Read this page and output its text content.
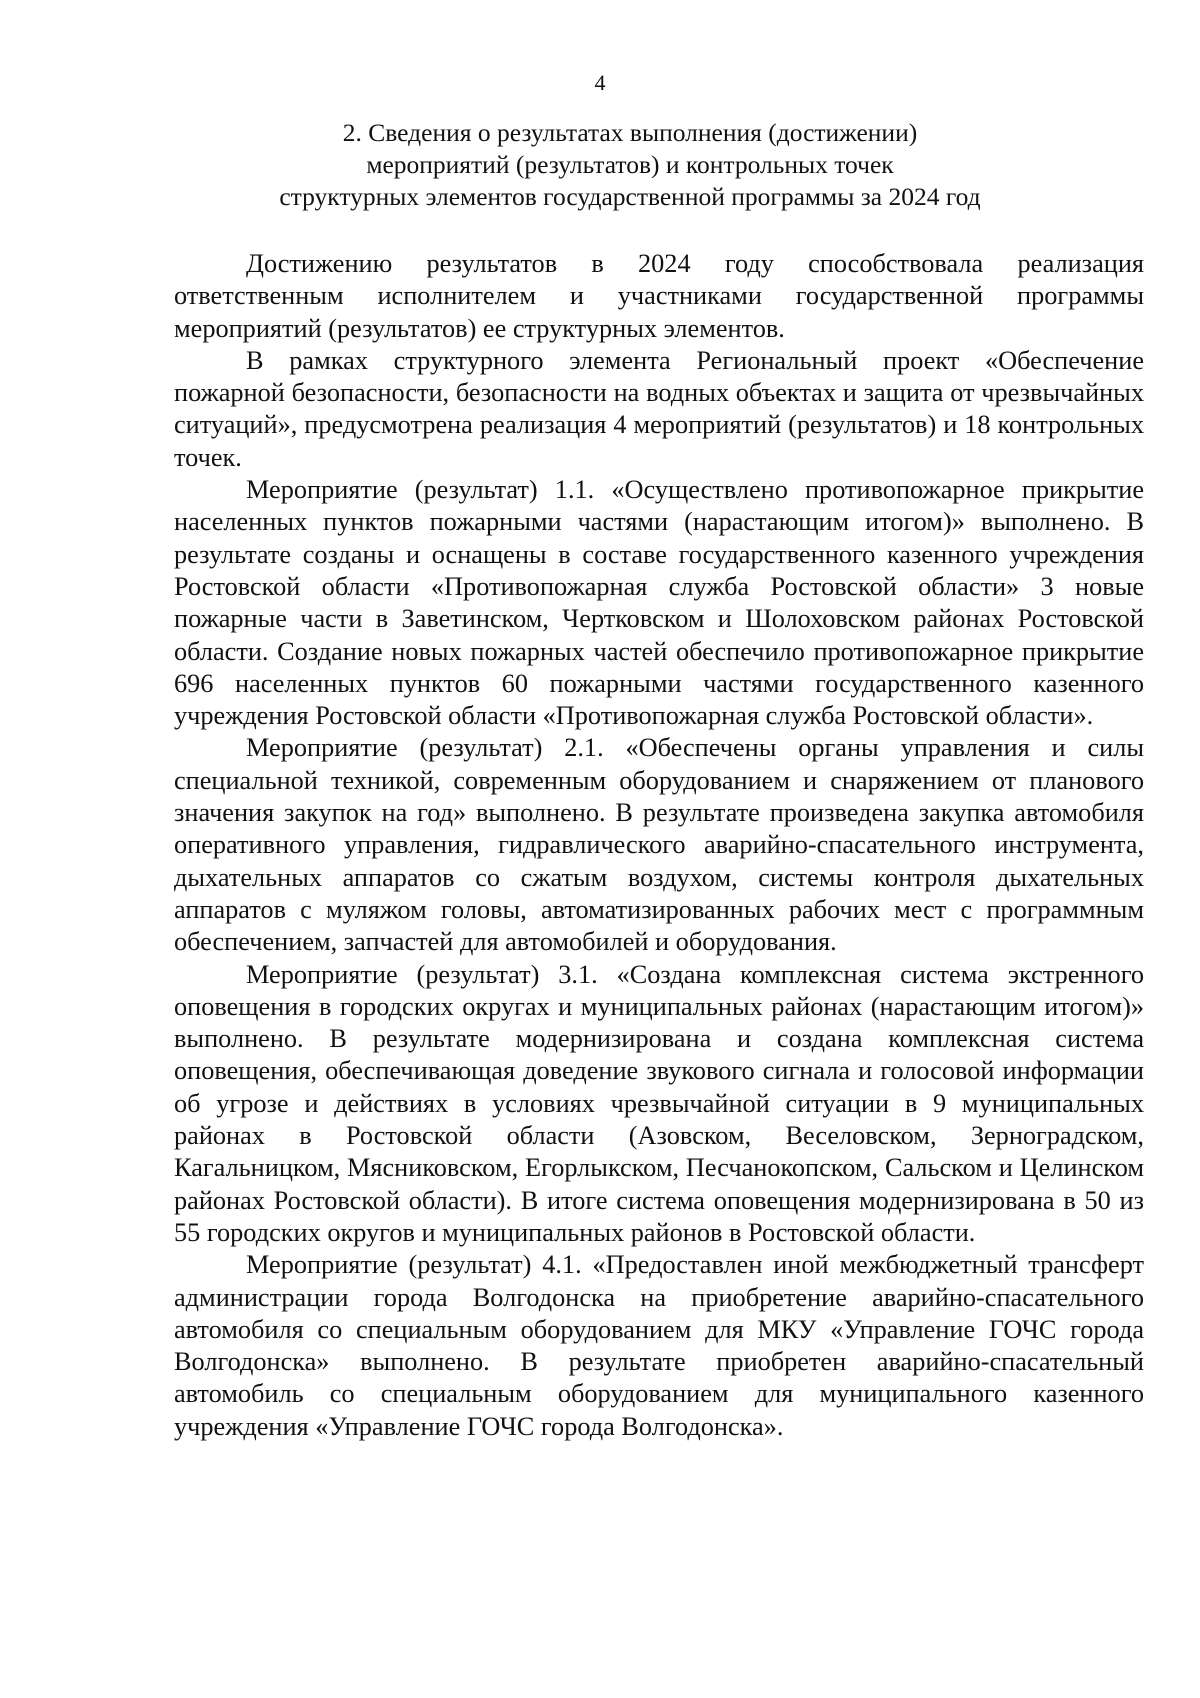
4
2. Сведения о результатах выполнения (достижении)
мероприятий (результатов) и контрольных точек
структурных элементов государственной программы за 2024 год

Достижению результатов в 2024 году способствовала реализация ответственным исполнителем и участниками государственной программы мероприятий (результатов) ее структурных элементов.

В рамках структурного элемента Региональный проект «Обеспечение пожарной безопасности, безопасности на водных объектах и защита от чрезвычайных ситуаций», предусмотрена реализация 4 мероприятий (результатов) и 18 контрольных точек.

Мероприятие (результат) 1.1. «Осуществлено противопожарное прикрытие населенных пунктов пожарными частями (нарастающим итогом)» выполнено. В результате созданы и оснащены в составе государственного казенного учреждения Ростовской области «Противопожарная служба Ростовской области» 3 новые пожарные части в Заветинском, Чертковском и Шолоховском районах Ростовской области. Создание новых пожарных частей обеспечило противопожарное прикрытие 696 населенных пунктов 60 пожарными частями государственного казенного учреждения Ростовской области «Противопожарная служба Ростовской области».

Мероприятие (результат) 2.1. «Обеспечены органы управления и силы специальной техникой, современным оборудованием и снаряжением от планового значения закупок на год» выполнено. В результате произведена закупка автомобиля оперативного управления, гидравлического аварийно-спасательного инструмента, дыхательных аппаратов со сжатым воздухом, системы контроля дыхательных аппаратов с муляжом головы, автоматизированных рабочих мест с программным обеспечением, запчастей для автомобилей и оборудования.

Мероприятие (результат) 3.1. «Создана комплексная система экстренного оповещения в городских округах и муниципальных районах (нарастающим итогом)» выполнено. В результате модернизирована и создана комплексная система оповещения, обеспечивающая доведение звукового сигнала и голосовой информации об угрозе и действиях в условиях чрезвычайной ситуации в 9 муниципальных районах в Ростовской области (Азовском, Веселовском, Зерноградском, Кагальницком, Мясниковском, Егорлыкском, Песчанокопском, Сальском и Целинском районах Ростовской области). В итоге система оповещения модернизирована в 50 из 55 городских округов и муниципальных районов в Ростовской области.

Мероприятие (результат) 4.1. «Предоставлен иной межбюджетный трансферт администрации города Волгодонска на приобретение аварийно-спасательного автомобиля со специальным оборудованием для МКУ «Управление ГОЧС города Волгодонска» выполнено. В результате приобретен аварийно-спасательный автомобиль со специальным оборудованием для муниципального казенного учреждения «Управление ГОЧС города Волгодонска».
